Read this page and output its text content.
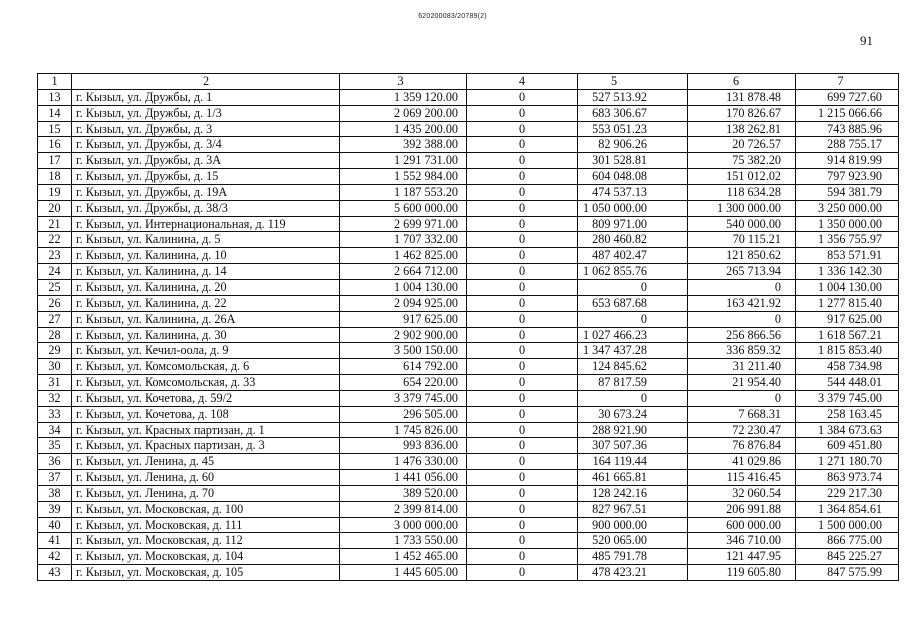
620200083/20789(2)
91
1	2	3	4	5	6	7
13	г. Кызыл, ул. Дружбы, д. 1	1 359 120.00	0	527 513.92	131 878.48	699 727.60
14	г. Кызыл, ул. Дружбы, д. 1/3	2 069 200.00	0	683 306.67	170 826.67	1 215 066.66
15	г. Кызыл, ул. Дружбы, д. 3	1 435 200.00	0	553 051.23	138 262.81	743 885.96
16	г. Кызыл, ул. Дружбы, д. 3/4	392 388.00	0	82 906.26	20 726.57	288 755.17
17	г. Кызыл, ул. Дружбы, д. 3А	1 291 731.00	0	301 528.81	75 382.20	914 819.99
18	г. Кызыл, ул. Дружбы, д. 15	1 552 984.00	0	604 048.08	151 012.02	797 923.90
19	г. Кызыл, ул. Дружбы, д. 19А	1 187 553.20	0	474 537.13	118 634.28	594 381.79
20	г. Кызыл, ул. Дружбы, д. 38/3	5 600 000.00	0	1 050 000.00	1 300 000.00	3 250 000.00
21	г. Кызыл, ул. Интернациональная, д. 119	2 699 971.00	0	809 971.00	540 000.00	1 350 000.00
22	г. Кызыл, ул. Калинина, д. 5	1 707 332.00	0	280 460.82	70 115.21	1 356 755.97
23	г. Кызыл, ул. Калинина, д. 10	1 462 825.00	0	487 402.47	121 850.62	853 571.91
24	г. Кызыл, ул. Калинина, д. 14	2 664 712.00	0	1 062 855.76	265 713.94	1 336 142.30
25	г. Кызыл, ул. Калинина, д. 20	1 004 130.00	0	0	0	1 004 130.00
26	г. Кызыл, ул. Калинина, д. 22	2 094 925.00	0	653 687.68	163 421.92	1 277 815.40
27	г. Кызыл, ул. Калинина, д. 26А	917 625.00	0	0	0	917 625.00
28	г. Кызыл, ул. Калинина, д. 30	2 902 900.00	0	1 027 466.23	256 866.56	1 618 567.21
29	г. Кызыл, ул. Кечил-оола, д. 9	3 500 150.00	0	1 347 437.28	336 859.32	1 815 853.40
30	г. Кызыл, ул. Комсомольская, д. 6	614 792.00	0	124 845.62	31 211.40	458 734.98
31	г. Кызыл, ул. Комсомольская, д. 33	654 220.00	0	87 817.59	21 954.40	544 448.01
32	г. Кызыл, ул. Кочетова, д. 59/2	3 379 745.00	0	0	0	3 379 745.00
33	г. Кызыл, ул. Кочетова, д. 108	296 505.00	0	30 673.24	7 668.31	258 163.45
34	г. Кызыл, ул. Красных партизан, д. 1	1 745 826.00	0	288 921.90	72 230.47	1 384 673.63
35	г. Кызыл, ул. Красных партизан, д. 3	993 836.00	0	307 507.36	76 876.84	609 451.80
36	г. Кызыл, ул. Ленина, д. 45	1 476 330.00	0	164 119.44	41 029.86	1 271 180.70
37	г. Кызыл, ул. Ленина, д. 60	1 441 056.00	0	461 665.81	115 416.45	863 973.74
38	г. Кызыл, ул. Ленина, д. 70	389 520.00	0	128 242.16	32 060.54	229 217.30
39	г. Кызыл, ул. Московская, д. 100	2 399 814.00	0	827 967.51	206 991.88	1 364 854.61
40	г. Кызыл, ул. Московская, д. 111	3 000 000.00	0	900 000.00	600 000.00	1 500 000.00
41	г. Кызыл, ул. Московская, д. 112	1 733 550.00	0	520 065.00	346 710.00	866 775.00
42	г. Кызыл, ул. Московская, д. 104	1 452 465.00	0	485 791.78	121 447.95	845 225.27
43	г. Кызыл, ул. Московская, д. 105	1 445 605.00	0	478 423.21	119 605.80	847 575.99
